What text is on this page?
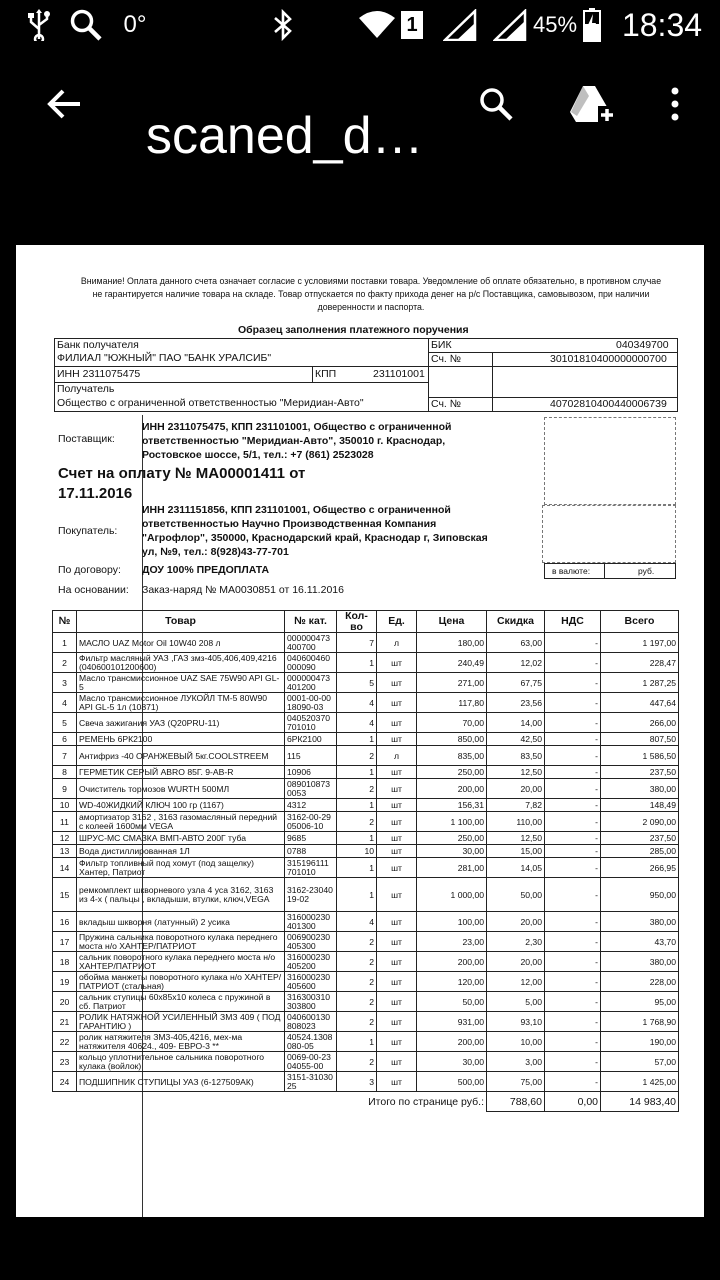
0°	1	45%	18:34
scaned_d…
Внимание! Оплата данного счета означает согласие с условиями поставки товара. Уведомление об оплате обязательно, в противном случае не гарантируется наличие товара на складе. Товар отпускается по факту прихода денег на р/с Поставщика, самовывозом, при наличии доверенности и паспорта.
Образец заполнения платежного поручения
Банк получателя
ФИЛИАЛ "ЮЖНЫЙ" ПАО "БАНК УРАЛСИБ"
БИК	040349700
Сч. №	30101810400000000700
ИНН 2311075475	КПП	231101001
Получатель
Общество с ограниченной ответственностью "Меридиан-Авто"	Сч. №	40702810400440006739
Поставщик:
ИНН 2311075475, КПП 231101001, Общество с ограниченной
ответственностью "Меридиан-Авто", 350010 г. Краснодар,
Ростовское шоссе, 5/1, тел.: +7 (861) 2523028
Счет на оплату № МА00001411 от
17.11.2016
Покупатель:
ИНН 2311151856, КПП 231101001, Общество с ограниченной
ответственностью Научно Производственная Компания
"Агрофлор", 350000, Краснодарский край, Краснодар г, Зиповская
ул, №9, тел.: 8(928)43-77-701
По договору: ДОУ 100% ПРЕДОПЛАТА
На основании: Заказ-наряд № МА0030851 от 16.11.2016
в валюте:	руб.
№	Товар	№ кат.	Кол-во	Ед.	Цена	Скидка	НДС	Всего
1	МАСЛО UAZ Motor Oil 10W40 208 л	000000473 400700	7	л	180,00	63,00	-	1 197,00
2	Фильтр масляный УАЗ ,ГАЗ змз-405,406,409,4216 (040600101200600)	040600460 000090	1	шт	240,49	12,02	-	228,47
3	Масло трансмиссионное UAZ SAE 75W90 API GL-5	000000473 401200	5	шт	271,00	67,75	-	1 287,25
4	Масло трансмиссионное ЛУКОЙЛ ТМ-5 80W90 API GL-5 1л (10871)	0001-00-00 18090-03	4	шт	117,80	23,56	-	447,64
5	Свеча зажигания УАЗ (Q20PRU-11)	040520370 701010	4	шт	70,00	14,00	-	266,00
6	РЕМЕНЬ 6РК2100	6РК2100	1	шт	850,00	42,50	-	807,50
7	Антифриз -40 ОРАНЖЕВЫЙ 5кг.COOLSTREEM	115	2	л	835,00	83,50	-	1 586,50
8	ГЕРМЕТИК СЕРЫЙ ABRO 85Г. 9-AB-R	10906	1	шт	250,00	12,50	-	237,50
9	Очиститель тормозов WURTH 500МЛ	089010873 0053	2	шт	200,00	20,00	-	380,00
10	WD-40ЖИДКИЙ КЛЮЧ 100 гр (1167)	4312	1	шт	156,31	7,82	-	148,49
11	амортизатор 3162 , 3163 газомасляный передний с колеей 1600мм VEGA	3162-00-29 05006-10	2	шт	1 100,00	110,00	-	2 090,00
12	ШРУС-МС СМАЗКА ВМП-АВТО 200Г туба	9685	1	шт	250,00	12,50	-	237,50
13	Вода дистиллированная 1Л	0788	10	шт	30,00	15,00	-	285,00
14	Фильтр топливный под хомут (под защелку) Хантер, Патриот	315196111 701010	1	шт	281,00	14,05	-	266,95
15	ремкомплект шкворневого узла 4 уса 3162, 3163 из 4-х ( пальцы , вкладыши, втулки, ключ,VEGA	3162-23040 19-02	1	шт	1 000,00	50,00	-	950,00
16	вкладыш шкворня (латунный) 2 усика	316000230 401300	4	шт	100,00	20,00	-	380,00
17	Пружина сальника поворотного кулака переднего моста н/о ХАНТЕР/ПАТРИОТ	006900230 405300	2	шт	23,00	2,30	-	43,70
18	сальник поворотного кулака переднего моста н/о ХАНТЕР/ПАТРИОТ	316000230 405200	2	шт	200,00	20,00	-	380,00
19	обойма манжеты поворотного кулака н/о ХАНТЕР/ПАТРИОТ (стальная)	316000230 405600	2	шт	120,00	12,00	-	228,00
20	сальник ступицы 60х85х10 колеса с пружиной в сб. Патриот	316300310 303800	2	шт	50,00	5,00	-	95,00
21	РОЛИК НАТЯЖНОЙ УСИЛЕННЫЙ ЗМЗ 409 ( ПОД ГАРАНТИЮ )	040600130 808023	2	шт	931,00	93,10	-	1 768,90
22	ролик натяжителя ЗМ3-405,4216, мех-ма натяжителя 40624., 409- ЕВРО-3 **	40524.1308 080-05	1	шт	200,00	10,00	-	190,00
23	кольцо уплотнительное сальника поворотного кулака (войлок)	0069-00-23 04055-00	2	шт	30,00	3,00	-	57,00
24	ПОДШИПНИК СТУПИЦЫ УАЗ (6-127509АК)	3151-31030 25	3	шт	500,00	75,00	-	1 425,00
Итого по странице руб.:						788,60	0,00	14 983,40
